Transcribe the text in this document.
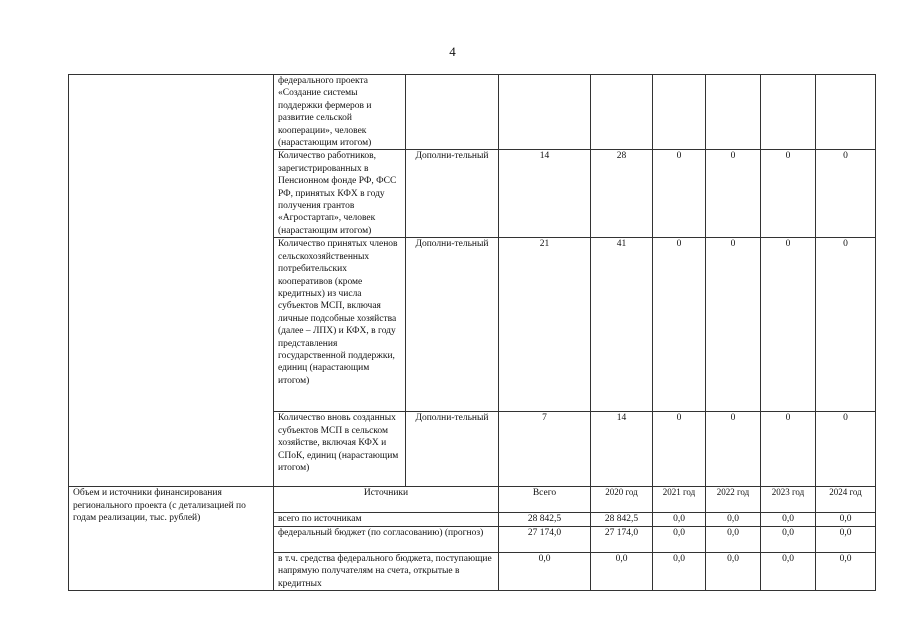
4
	федерального проекта «Создание системы поддержки фермеров и развитие сельской кооперации», человек (нарастающим итогом)							
	Количество работников, зарегистрированных в Пенсионном фонде РФ, ФСС РФ, принятых КФХ в году получения грантов «Агростартап», человек (нарастающим итогом)	Дополни-тельный	14	28	0	0	0	0
	Количество принятых членов сельскохозяйственных потребительских кооперативов (кроме кредитных) из числа субъектов МСП, включая личные подсобные хозяйства (далее – ЛПХ) и КФХ, в году представления государственной поддержки, единиц (нарастающим итогом)	Дополни-тельный	21	41	0	0	0	0
	Количество вновь созданных субъектов МСП в сельском хозяйстве, включая КФХ и СПоК, единиц (нарастающим итогом)	Дополни-тельный	7	14	0	0	0	0
Объем и источники финансирования регионального проекта (с детализацией по годам реализации, тыс. рублей)	Источники		Всего	2020 год	2021 год	2022 год	2023 год	2024 год
	всего по источникам		28 842,5	28 842,5	0,0	0,0	0,0	0,0
	федеральный бюджет (по согласованию) (прогноз)		27 174,0	27 174,0	0,0	0,0	0,0	0,0
	в т.ч. средства федерального бюджета, поступающие напрямую получателям на счета, открытые в кредитных		0,0	0,0	0,0	0,0	0,0	0,0
